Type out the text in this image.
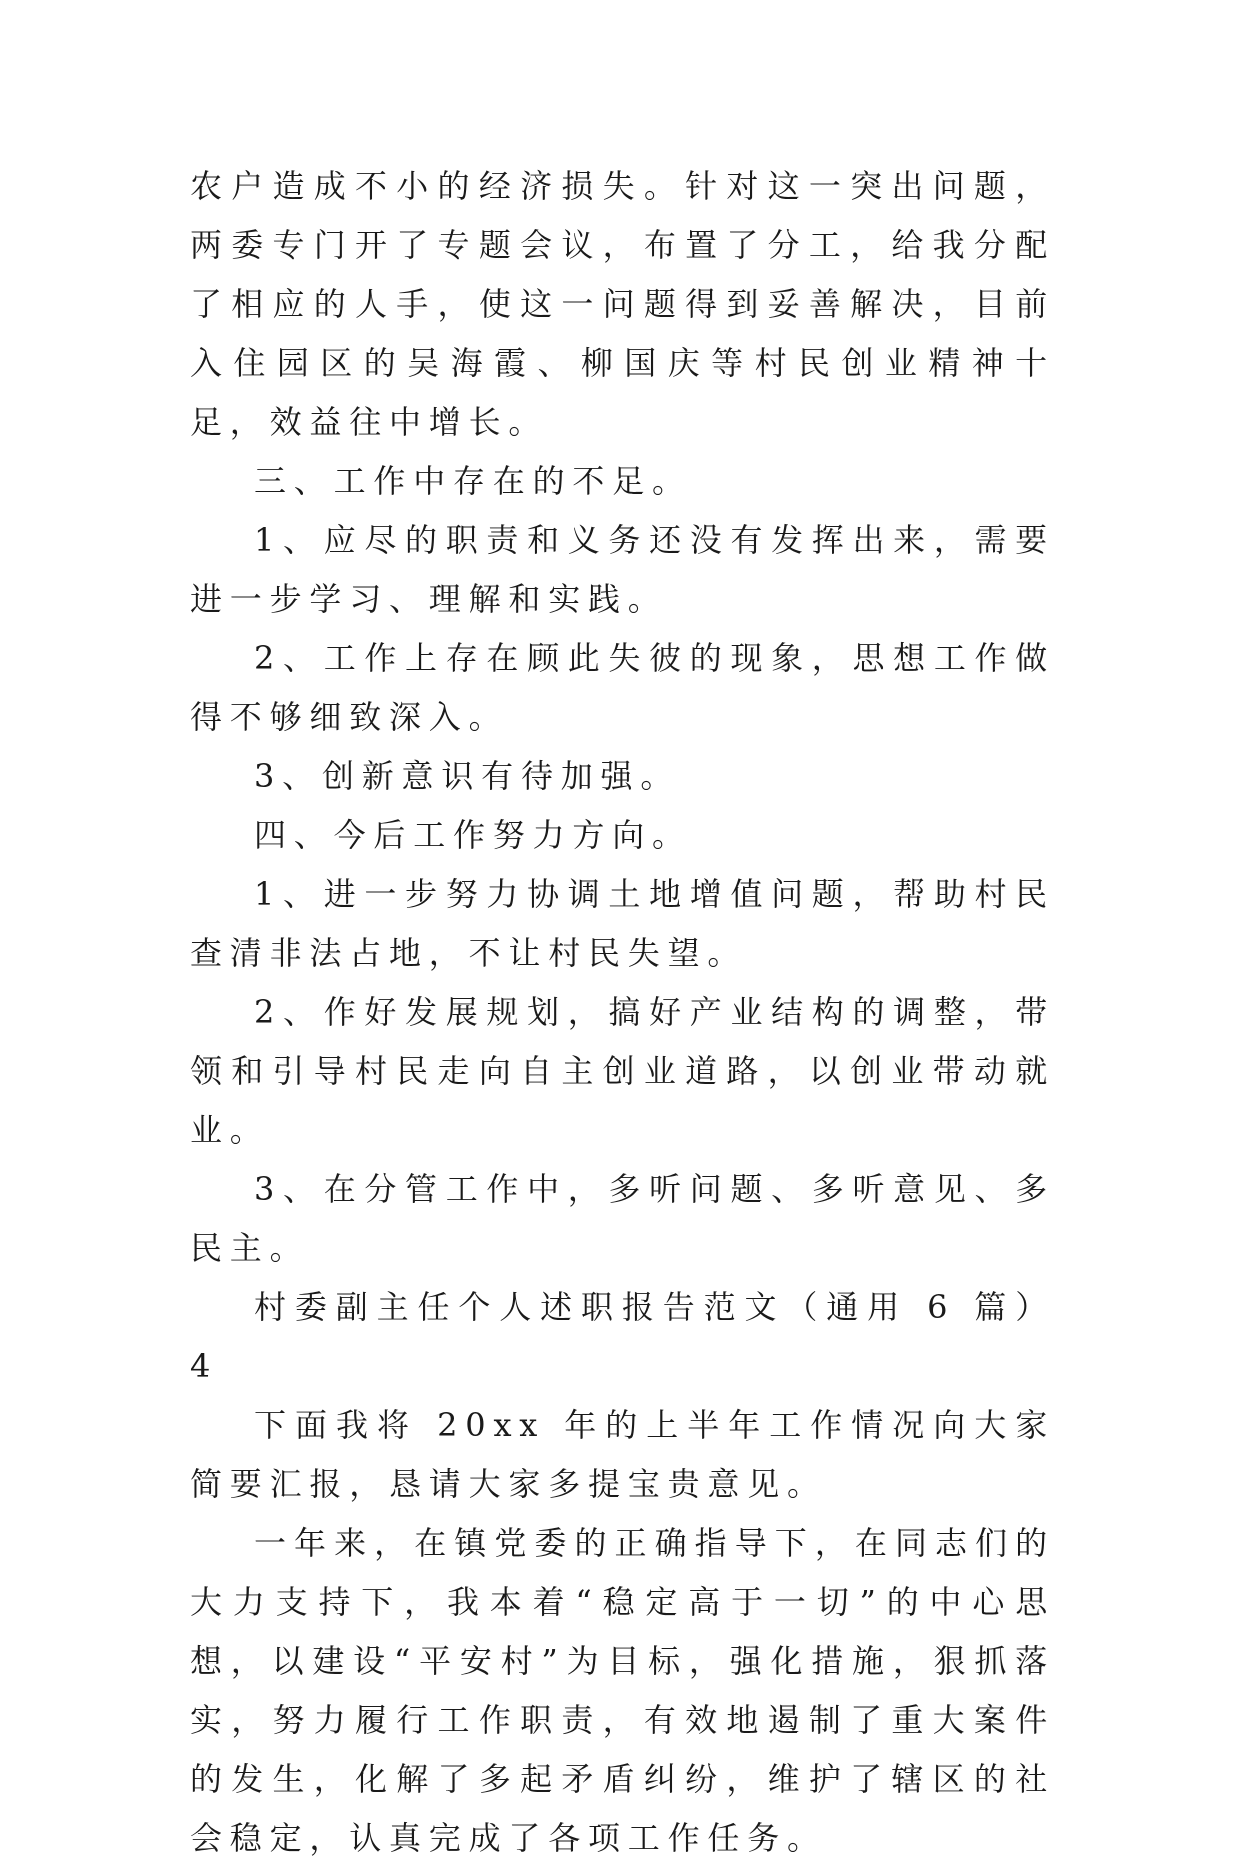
农户造成不小的经济损失。针对这一突出问题，两委专门开了专题会议，布置了分工，给我分配了相应的人手，使这一问题得到妥善解决，目前入住园区的吴海霞、柳国庆等村民创业精神十足，效益往中增长。

三、工作中存在的不足。

1、应尽的职责和义务还没有发挥出来，需要进一步学习、理解和实践。

2、工作上存在顾此失彼的现象，思想工作做得不够细致深入。

3、创新意识有待加强。

四、今后工作努力方向。

1、进一步努力协调土地增值问题，帮助村民查清非法占地，不让村民失望。

2、作好发展规划，搞好产业结构的调整，带领和引导村民走向自主创业道路，以创业带动就业。

3、在分管工作中，多听问题、多听意见、多民主。

村委副主任个人述职报告范文（通用 6 篇）4

下面我将 20xx 年的上半年工作情况向大家简要汇报，恳请大家多提宝贵意见。

一年来，在镇党委的正确指导下，在同志们的大力支持下，我本着“稳定高于一切”的中心思想，以建设“平安村”为目标，强化措施，狠抓落实，努力履行工作职责，有效地遏制了重大案件的发生，化解了多起矛盾纠纷，维护了辖区的社会稳定，认真完成了各项工作任务。
